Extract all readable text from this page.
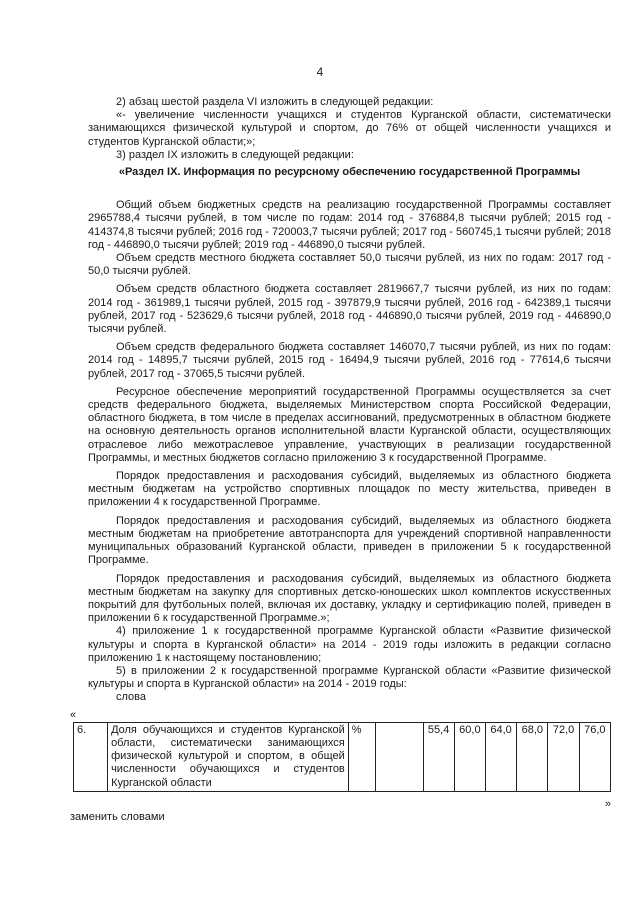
4

2) абзац шестой раздела VI изложить в следующей редакции:

«- увеличение численности учащихся и студентов Курганской области, систематически занимающихся физической культурой и спортом, до 76% от общей численности учащихся и студентов Курганской области;»;

3) раздел IX изложить в следующей редакции:

«Раздел IX. Информация по ресурсному обеспечению государственной Программы

Общий объем бюджетных средств на реализацию государственной Программы составляет 2965788,4 тысячи рублей, в том числе по годам: 2014 год - 376884,8 тысячи рублей; 2015 год - 414374,8 тысячи рублей; 2016 год - 720003,7 тысячи рублей; 2017 год - 560745,1 тысячи рублей; 2018 год - 446890,0 тысячи рублей; 2019 год - 446890,0 тысячи рублей.

Объем средств местного бюджета составляет 50,0 тысячи рублей, из них по годам: 2017 год - 50,0 тысячи рублей.

Объем средств областного бюджета составляет 2819667,7 тысячи рублей, из них по годам: 2014 год - 361989,1 тысячи рублей, 2015 год - 397879,9 тысячи рублей, 2016 год - 642389,1 тысячи рублей, 2017 год - 523629,6 тысячи рублей, 2018 год - 446890,0 тысячи рублей, 2019 год - 446890,0 тысячи рублей.

Объем средств федерального бюджета составляет 146070,7 тысячи рублей, из них по годам: 2014 год - 14895,7 тысячи рублей, 2015 год - 16494,9 тысячи рублей, 2016 год - 77614,6 тысячи рублей, 2017 год - 37065,5 тысячи рублей.

Ресурсное обеспечение мероприятий государственной Программы осуществляется за счет средств федерального бюджета, выделяемых Министерством спорта Российской Федерации, областного бюджета, в том числе в пределах ассигнований, предусмотренных в областном бюджете на основную деятельность органов исполнительной власти Курганской области, осуществляющих отраслевое либо межотраслевое управление, участвующих в реализации государственной Программы, и местных бюджетов согласно приложению 3 к государственной Программе.

Порядок предоставления и расходования субсидий, выделяемых из областного бюджета местным бюджетам на устройство спортивных площадок по месту жительства, приведен в приложении 4 к государственной Программе.

Порядок предоставления и расходования субсидий, выделяемых из областного бюджета местным бюджетам на приобретение автотранспорта для учреждений спортивной направленности муниципальных образований Курганской области, приведен в приложении 5 к государственной Программе.

Порядок предоставления и расходования субсидий, выделяемых из областного бюджета местным бюджетам на закупку для спортивных детско-юношеских школ комплектов искусственных покрытий для футбольных полей, включая их доставку, укладку и сертификацию полей, приведен в приложении 6 к государственной Программе.»;

4) приложение 1 к государственной программе Курганской области «Развитие физической культуры и спорта в Курганской области» на 2014 - 2019 годы изложить в редакции согласно приложению 1 к настоящему постановлению;

5) в приложении 2 к государственной программе Курганской области «Развитие физической культуры и спорта в Курганской области» на 2014 - 2019 годы:

слова

«

6.	Доля обучающихся и студентов Курганской области, систематически занимающихся физической культурой и спортом, в общей численности обучающихся и студентов Курганской области	%		55,4	60,0	64,0	68,0	72,0	76,0

»

заменить словами
